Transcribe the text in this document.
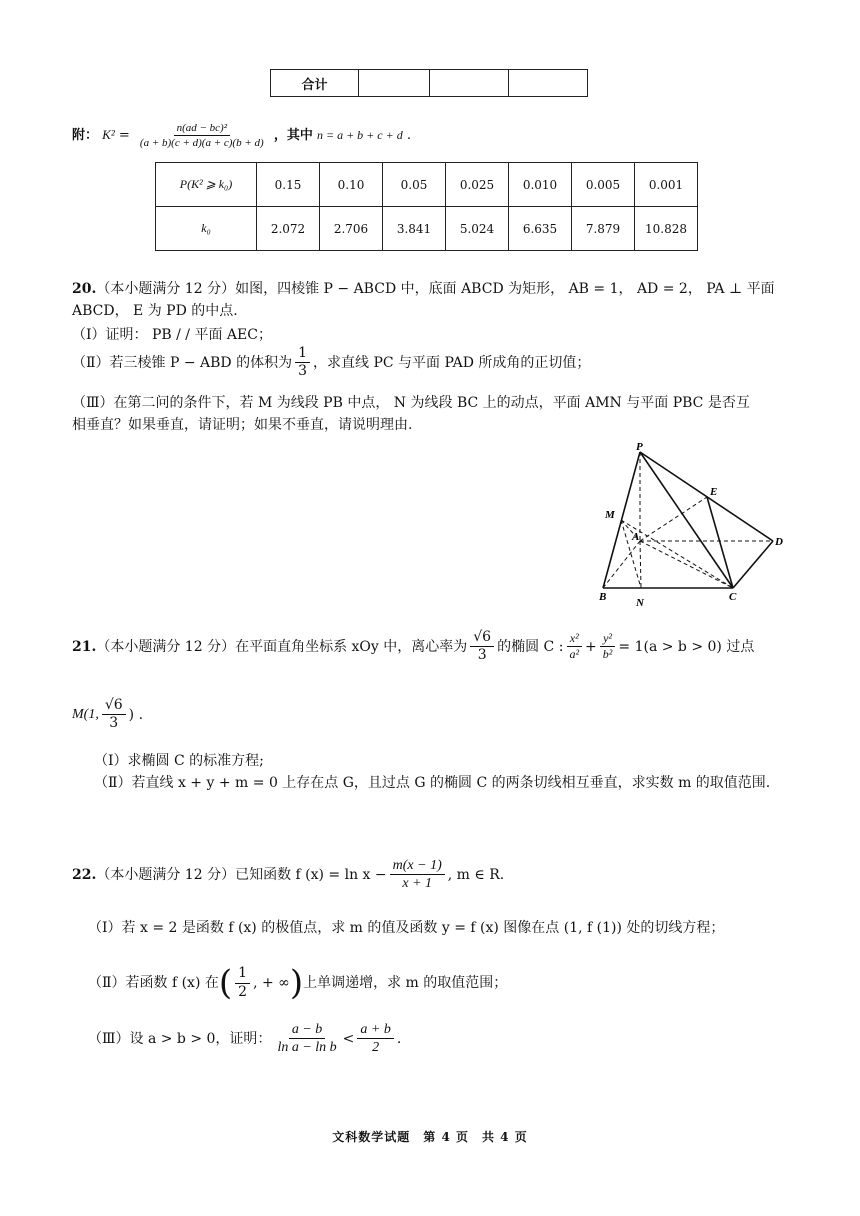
合计			
附： $K^2 = \frac{\text{n(ad − bc)²}}{(a + b)(c + d)(a + c)(b + d)}$ ，其中 n = a + b + c + d .
P(K² ⩾ k₀)	0.15	0.10	0.05	0.025	0.010	0.005	0.001
k₀	2.072	2.706	3.841	5.024	6.635	7.879	10.828
20.（本小题满分 12 分）如图，四棱锥 P − ABCD 中，底面 ABCD 为矩形， AB = 1， AD = 2， PA ⊥ 平面
ABCD， E 为 PD 的中点.
（Ⅰ）证明： PB / / 平面 AEC；
（Ⅱ）若三棱锥 P − ABD 的体积为 $\frac{1}{3}$ ，求直线 PC 与平面 PAD 所成角的正切值；
（Ⅲ）在第二问的条件下，若 M 为线段 PB 中点， N 为线段 BC 上的动点，平面 AMN 与平面 PBC 是否互
相垂直？如果垂直，请证明；如果不垂直，请说明理由.
P
E
M
A	D
B	N	C
21. （本小题满分 12 分）在平面直角坐标系 xOy 中，离心率为 $\frac{√6}{3}$ 的椭圆 C : $\frac{\text{x²}}{\text{a²}} + \frac{\text{y²}}{\text{b²}} = 1(a > b > 0)$ 过点
M(1, $\frac{√6}{3}$ ) .
（Ⅰ）求椭圆 C 的标准方程;
（Ⅱ）若直线 x + y + m = 0 上存在点 G，且过点 G 的椭圆 C 的两条切线相互垂直，求实数 m 的取值范围.
22. （本小题满分 12 分）已知函数 f $(x) = \ln x - \frac{m(x - 1)}{x + 1}$ , m ∈ R.
（Ⅰ）若 x = 2 是函数 f (x) 的极值点，求 m 的值及函数 y = f (x) 图像在点 (1, f (1)) 处的切线方程；
（Ⅱ）若函数 f (x) 在 ( $\frac{1}{2}$ , + ∞ ) 上单调递增，求 m 的取值范围；
（Ⅲ）设 a > b > 0，证明： $\frac{a - b}{\text{ln a − ln b}} < \frac{a + b}{2}$ .
文科数学试题　第 4 页　共 4 页
